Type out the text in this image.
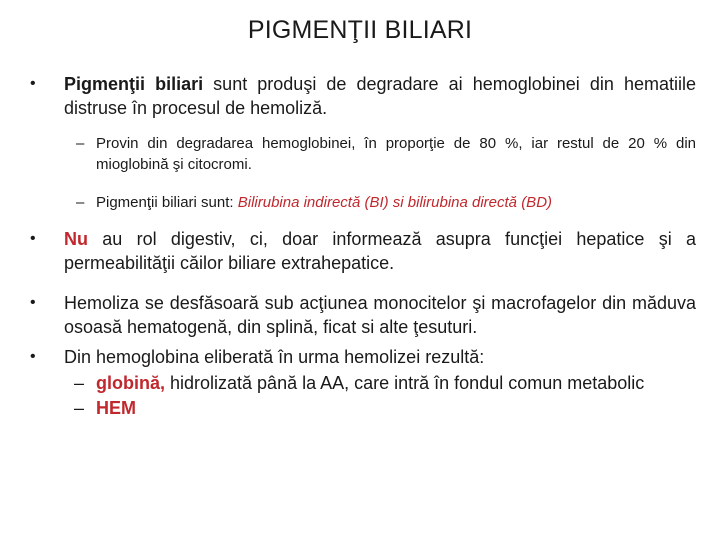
PIGMENŢII BILIARI
• Pigmenţii biliari sunt produşi de degradare ai hemoglobinei din hematiile distruse în procesul de hemoliză.
– Provin din degradarea hemoglobinei, în proporţie de 80 %, iar restul de 20 % din mioglobină şi citocromi.
– Pigmenţii biliari sunt: Bilirubina indirectă (BI) si bilirubina directă (BD)
• Nu au rol digestiv, ci, doar informează asupra funcţiei hepatice şi a permeabilităţii căilor biliare extrahepatice.
• Hemoliza se desfăsoară sub acţiunea monocitelor şi macrofagelor din măduva osoasă hematogenă, din splină, ficat si alte ţesuturi.
• Din hemoglobina eliberată în urma hemolizei rezultă:
– globină, hidrolizată până la AA, care intră în fondul comun metabolic
– HEM
